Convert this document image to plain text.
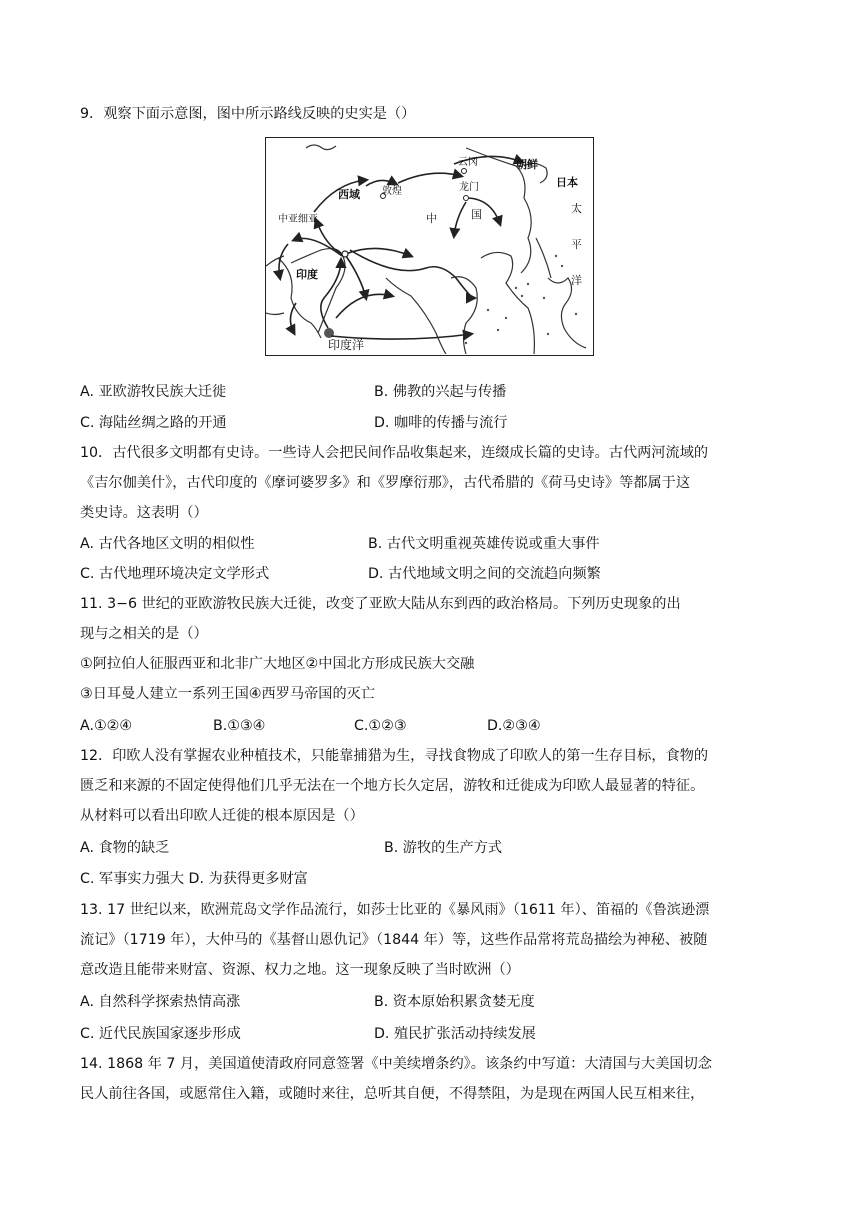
9．观察下面示意图，图中所示路线反映的史实是（）
云冈
龙门
西域 敦煌
中	国
中亚细亚
印度
印度洋
朝鲜
日本
太
平
洋
A. 亚欧游牧民族大迁徙	B. 佛教的兴起与传播
C. 海陆丝绸之路的开通	D. 咖啡的传播与流行
10．古代很多文明都有史诗。一些诗人会把民间作品收集起来，连缀成长篇的史诗。古代两河流域的
《吉尔伽美什》，古代印度的《摩诃婆罗多》和《罗摩衍那》，古代希腊的《荷马史诗》等都属于这
类史诗。这表明（）
A. 古代各地区文明的相似性	B. 古代文明重视英雄传说或重大事件
C. 古代地理环境决定文学形式	D. 古代地域文明之间的交流趋向频繁
11. 3−6 世纪的亚欧游牧民族大迁徙，改变了亚欧大陆从东到西的政治格局。下列历史现象的出
现与之相关的是（）
①阿拉伯人征服西亚和北非广大地区②中国北方形成民族大交融
③日耳曼人建立一系列王国④西罗马帝国的灭亡
A.①②④	B.①③④	C.①②③	D.②③④
12．印欧人没有掌握农业种植技术，只能靠捕猎为生，寻找食物成了印欧人的第一生存目标，食物的
匮乏和来源的不固定使得他们几乎无法在一个地方长久定居，游牧和迁徙成为印欧人最显著的特征。
从材料可以看出印欧人迁徙的根本原因是（）
A. 食物的缺乏	B. 游牧的生产方式
C. 军事实力强大 D. 为获得更多财富
13. 17 世纪以来，欧洲荒岛文学作品流行，如莎士比亚的《暴风雨》（1611 年）、笛福的《鲁滨逊漂
流记》（1719 年），大仲马的《基督山恩仇记》（1844 年）等，这些作品常将荒岛描绘为神秘、被随
意改造且能带来财富、资源、权力之地。这一现象反映了当时欧洲（）
A. 自然科学探索热情高涨	B. 资本原始积累贪婪无度
C. 近代民族国家逐步形成	D. 殖民扩张活动持续发展
14. 1868 年 7 月，美国道使清政府同意签署《中美续增条约》。该条约中写道：大清国与大美国切念
民人前往各国，或愿常住入籍，或随时来往，总听其自便，不得禁阻，为是现在两国人民互相来往，
